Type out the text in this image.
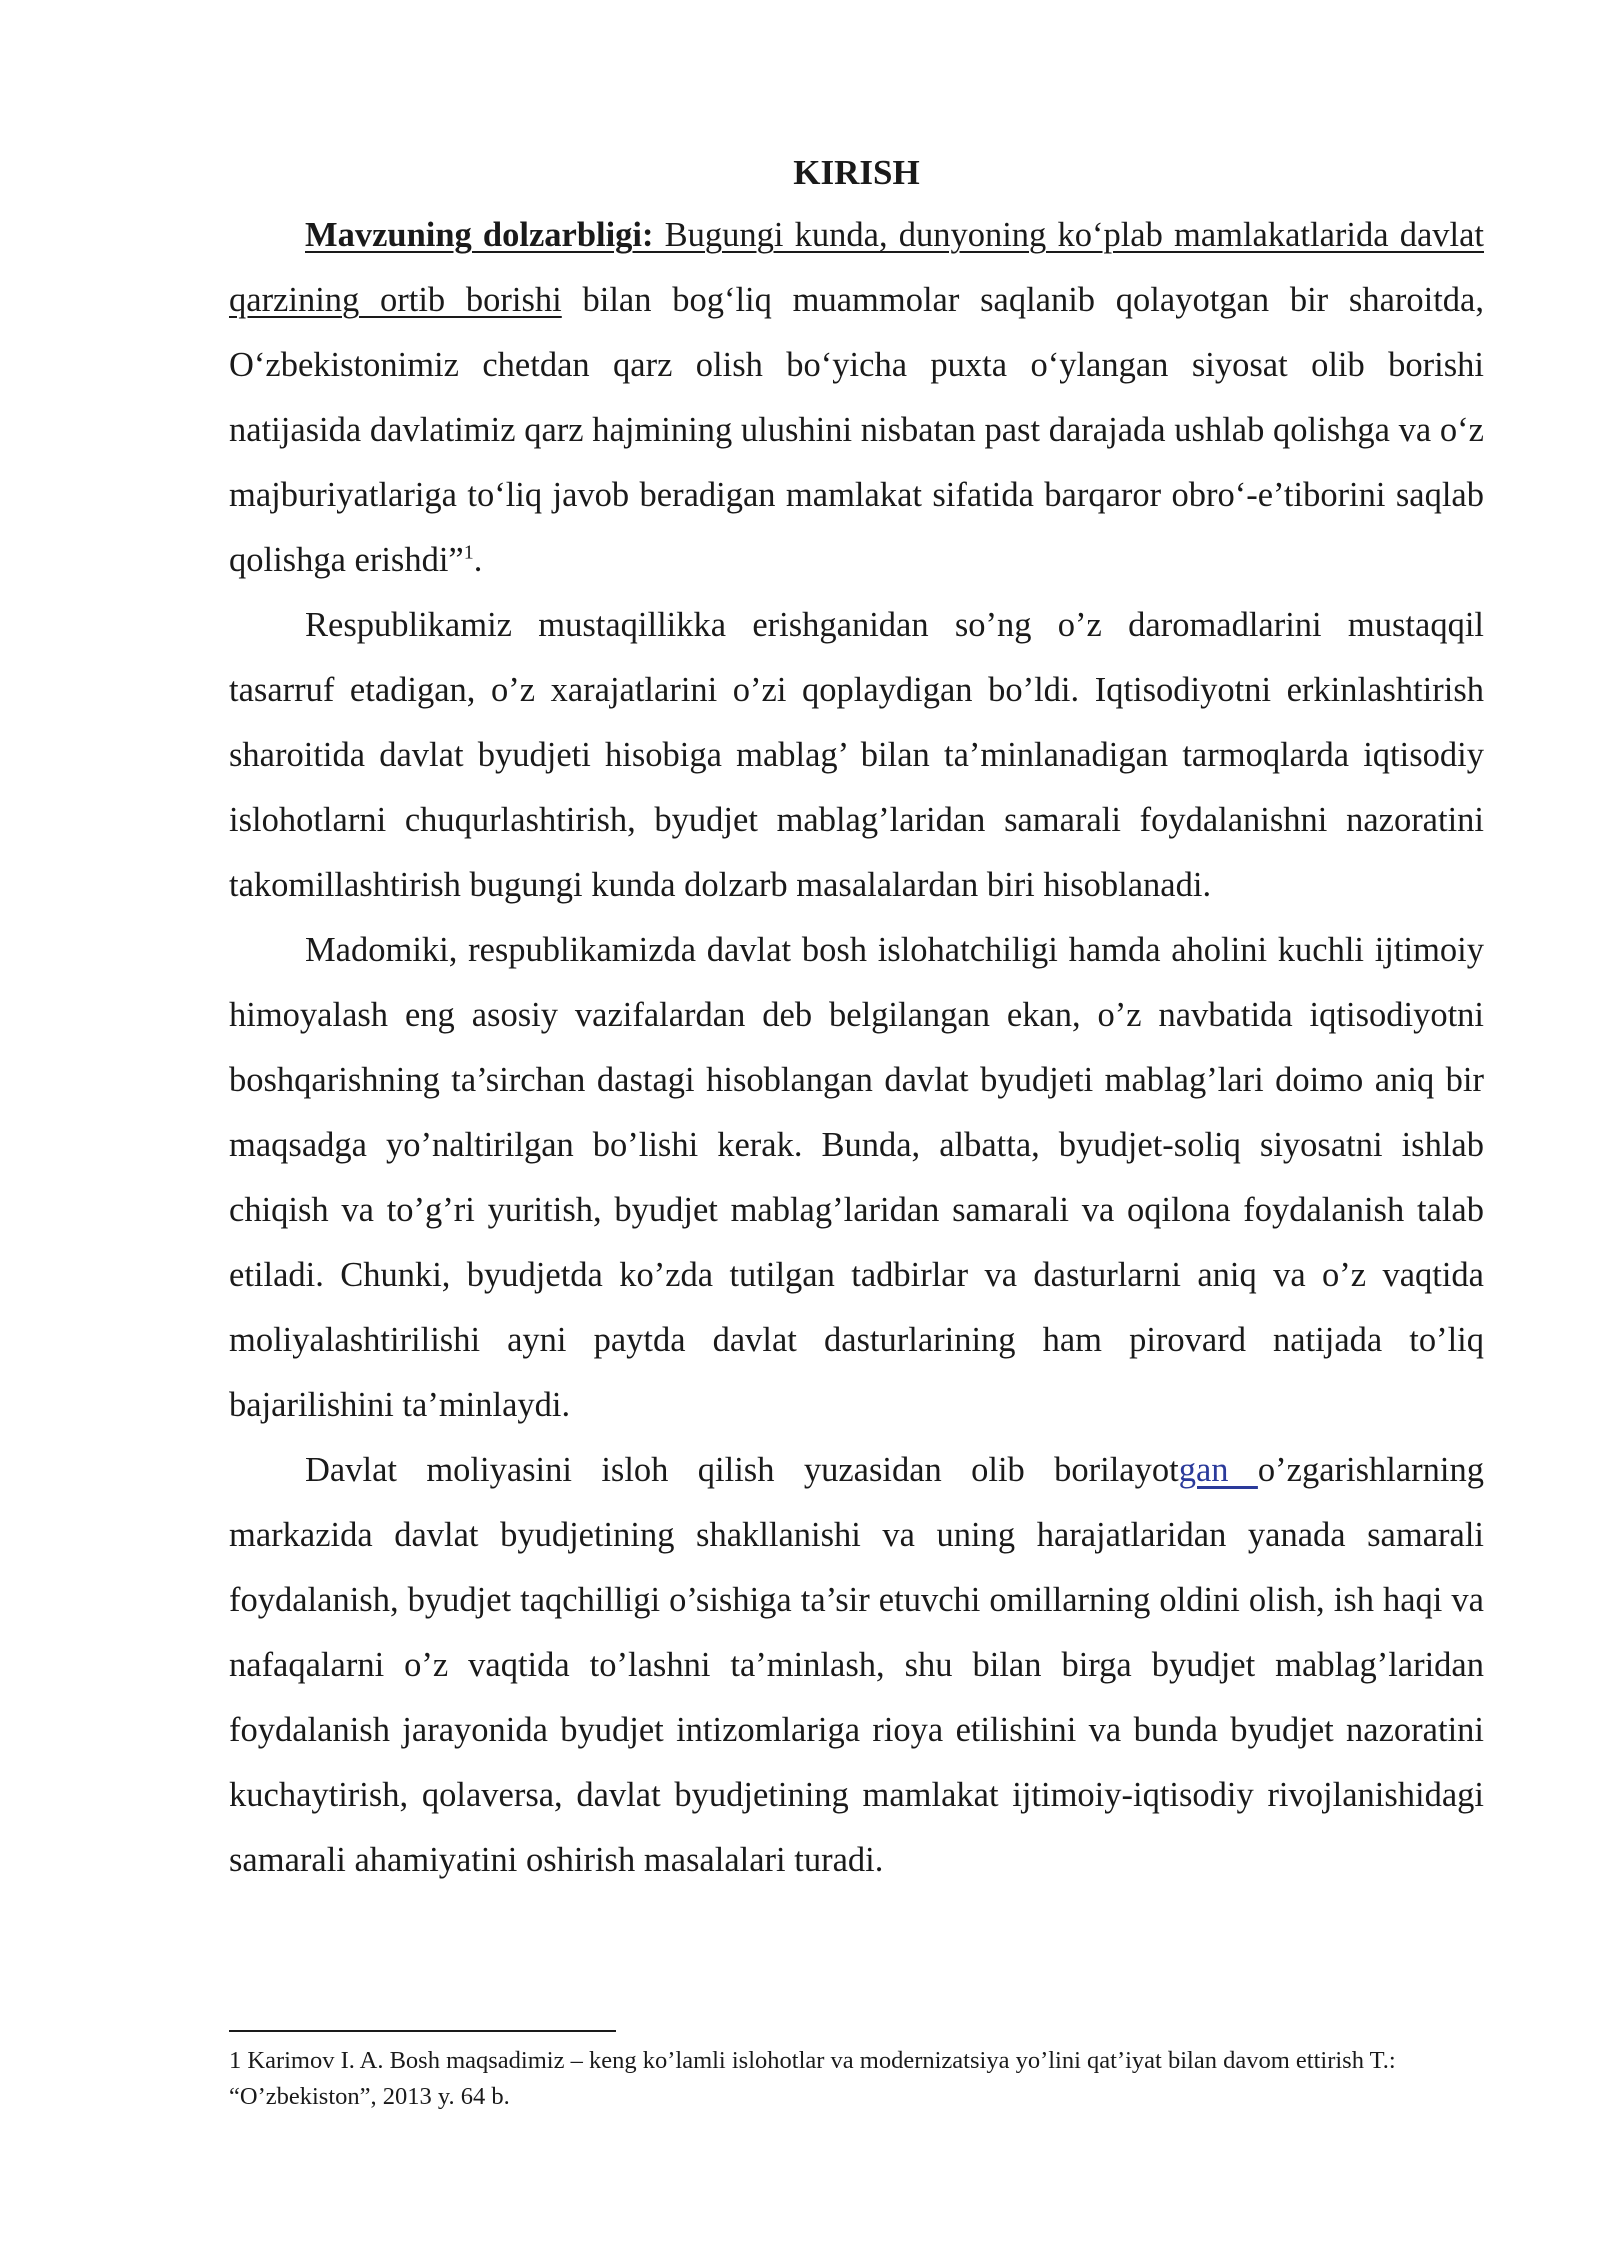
KIRISH

Mavzuning dolzarbligi: Bugungi kunda, dunyoning ko‘plab mamlakatlarida davlat qarzining ortib borishi bilan bog‘liq muammolar saqlanib qolayotgan bir sharoitda, O‘zbekistonimiz chetdan qarz olish bo‘yicha puxta o‘ylangan siyosat olib borishi natijasida davlatimiz qarz hajmining ulushini nisbatan past darajada ushlab qolishga va o‘z majburiyatlariga to‘liq javob beradigan mamlakat sifatida barqaror obro‘-e’tiborini saqlab qolishga erishdi”$^1$.

Respublikamiz mustaqillikka erishganidan so’ng o’z daromadlarini mustaqqil tasarruf etadigan, o’z xarajatlarini o’zi qoplaydigan bo’ldi. Iqtisodiyotni erkinlashtirish sharoitida davlat byudjeti hisobiga mablag’ bilan ta’minlanadigan tarmoqlarda iqtisodiy islohotlarni chuqurlashtirish, byudjet mablag’laridan samarali foydalanishni nazoratini takomillashtirish bugungi kunda dolzarb masalalardan biri hisoblanadi.

Madomiki, respublikamizda davlat bosh islohatchiligi hamda aholini kuchli ijtimoiy himoyalash eng asosiy vazifalardan deb belgilangan ekan, o’z navbatida iqtisodiyotni boshqarishning ta’sirchan dastagi hisoblangan davlat byudjeti mablag’lari doimo aniq bir maqsadga yo’naltirilgan bo’lishi kerak. Bunda, albatta, byudjet-soliq siyosatni ishlab chiqish va to’g’ri yuritish, byudjet mablag’laridan samarali va oqilona foydalanish talab etiladi. Chunki, byudjetda ko’zda tutilgan tadbirlar va dasturlarni aniq va o’z vaqtida moliyalashtirilishi ayni paytda davlat dasturlarining ham pirovard natijada to’liq bajarilishini ta’minlaydi.

Davlat moliyasini isloh qilish yuzasidan olib borilayotgan o’zgarishlarning markazida davlat byudjetining shakllanishi va uning harajatlaridan yanada samarali foydalanish, byudjet taqchilligi o’sishiga ta’sir etuvchi omillarning oldini olish, ish haqi va nafaqalarni o’z vaqtida to’lashni ta’minlash, shu bilan birga byudjet mablag’laridan foydalanish jarayonida byudjet intizomlariga rioya etilishini va bunda byudjet nazoratini kuchaytirish, qolaversa, davlat byudjetining mamlakat ijtimoiy-iqtisodiy rivojlanishidagi samarali ahamiyatini oshirish masalalari turadi.

1 Karimov I. A. Bosh maqsadimiz – keng ko’lamli islohotlar va modernizatsiya yo’lini qat’iyat bilan davom ettirish T.: “O’zbekiston”, 2013 y. 64 b.
